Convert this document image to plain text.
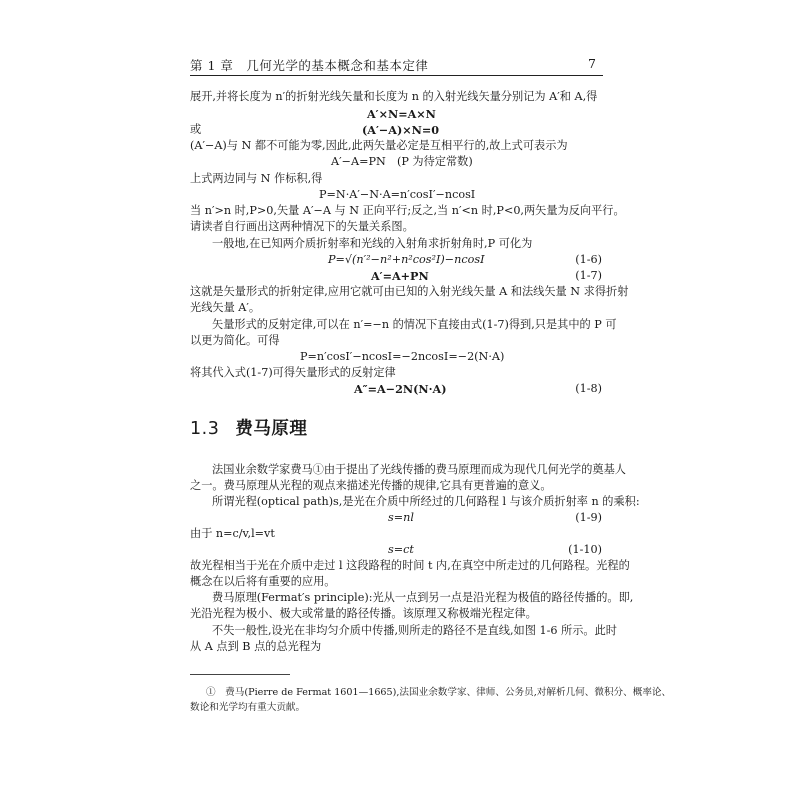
第 1 章　几何光学的基本概念和基本定律	7
展开,并将长度为 n′的折射光线矢量和长度为 n 的入射光线矢量分别记为 A′和 A,得
A′×N=A×N
或	(A′−A)×N=0
(A′−A)与 N 都不可能为零,因此,此两矢量必定是互相平行的,故上式可表示为
A′−A=PN　(P 为待定常数)
上式两边同与 N 作标积,得
P=N·A′−N·A=n′cosI′−ncosI
当 n′>n 时,P>0,矢量 A′−A 与 N 正向平行;反之,当 n′<n 时,P<0,两矢量为反向平行。
请读者自行画出这两种情况下的矢量关系图。
一般地,在已知两介质折射率和光线的入射角求折射角时,P 可化为
P=√(n′²−n²+n²cos²I)−ncosI	(1-6)
A′=A+PN	(1-7)
这就是矢量形式的折射定律,应用它就可由已知的入射光线矢量 A 和法线矢量 N 求得折射
光线矢量 A′。
矢量形式的反射定律,可以在 n′=−n 的情况下直接由式(1-7)得到,只是其中的 P 可
以更为简化。可得
P=n′cosI′−ncosI=−2ncosI=−2(N·A)
将其代入式(1-7)可得矢量形式的反射定律
A″=A−2N(N·A)	(1-8)
1.3 费马原理
法国业余数学家费马①由于提出了光线传播的费马原理而成为现代几何光学的奠基人
之一。费马原理从光程的观点来描述光传播的规律,它具有更普遍的意义。
所谓光程(optical path)s,是光在介质中所经过的几何路程 l 与该介质折射率 n 的乘积:
s=nl	(1-9)
由于 n=c/v,l=vt
s=ct	(1-10)
故光程相当于光在介质中走过 l 这段路程的时间 t 内,在真空中所走过的几何路程。光程的
概念在以后将有重要的应用。
费马原理(Fermat′s principle):光从一点到另一点是沿光程为极值的路径传播的。即,
光沿光程为极小、极大或常量的路径传播。该原理又称极端光程定律。
不失一般性,设光在非均匀介质中传播,则所走的路径不是直线,如图 1-6 所示。此时
从 A 点到 B 点的总光程为
①　费马(Pierre de Fermat 1601—1665),法国业余数学家、律师、公务员,对解析几何、微积分、概率论、
数论和光学均有重大贡献。
